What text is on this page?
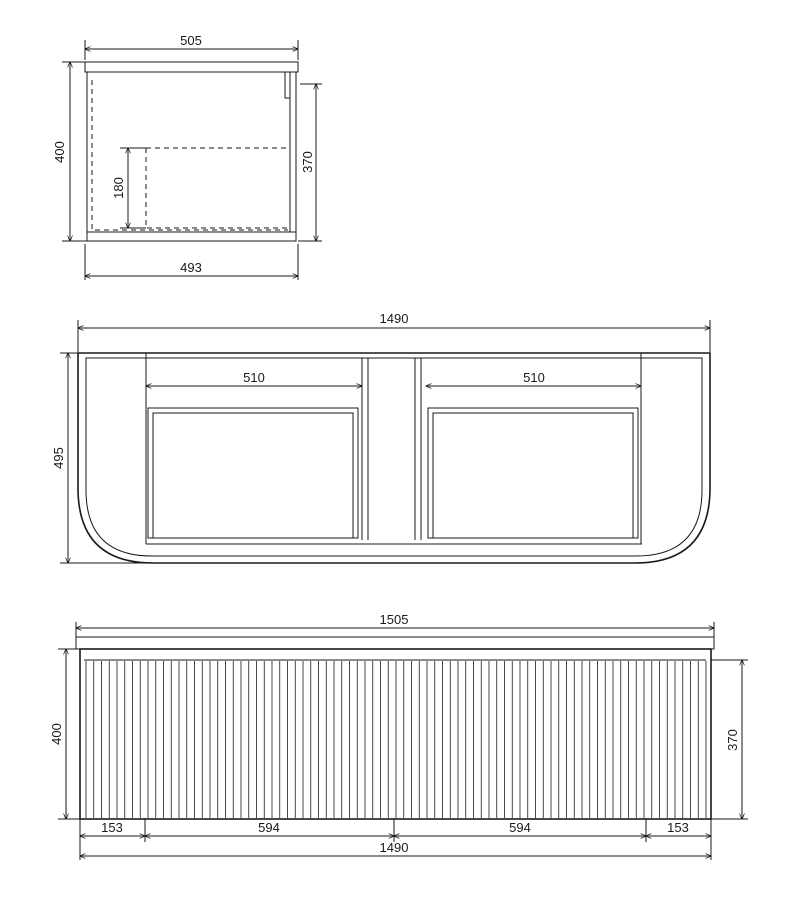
505
400	370
180
493
1490
510	510
495
1505
400	370
153	594	594	153
1490
